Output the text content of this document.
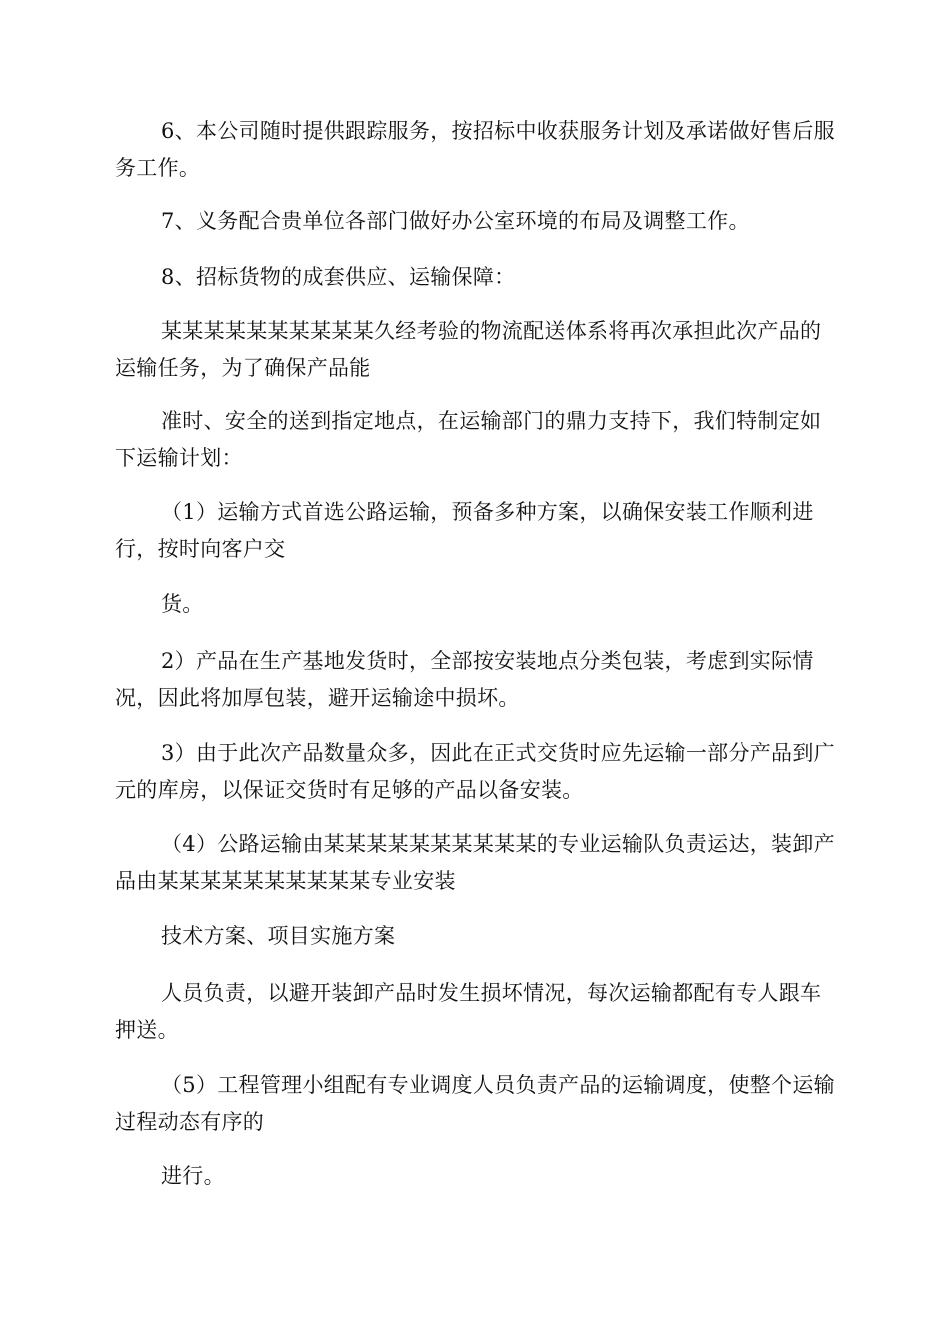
6、本公司随时提供跟踪服务，按招标中收获服务计划及承诺做好售后服务工作。

7、义务配合贵单位各部门做好办公室环境的布局及调整工作。

8、招标货物的成套供应、运输保障：

某某某某某某某某某某久经考验的物流配送体系将再次承担此次产品的运输任务，为了确保产品能

准时、安全的送到指定地点，在运输部门的鼎力支持下，我们特制定如下运输计划：

（1）运输方式首选公路运输，预备多种方案，以确保安装工作顺利进行，按时向客户交

货。

2）产品在生产基地发货时，全部按安装地点分类包装，考虑到实际情况，因此将加厚包装，避开运输途中损坏。

3）由于此次产品数量众多，因此在正式交货时应先运输一部分产品到广元的库房，以保证交货时有足够的产品以备安装。

（4）公路运输由某某某某某某某某某某的专业运输队负责运达，装卸产品由某某某某某某某某某某专业安装

技术方案、项目实施方案

人员负责，以避开装卸产品时发生损坏情况，每次运输都配有专人跟车押送。

（5）工程管理小组配有专业调度人员负责产品的运输调度，使整个运输过程动态有序的

进行。
